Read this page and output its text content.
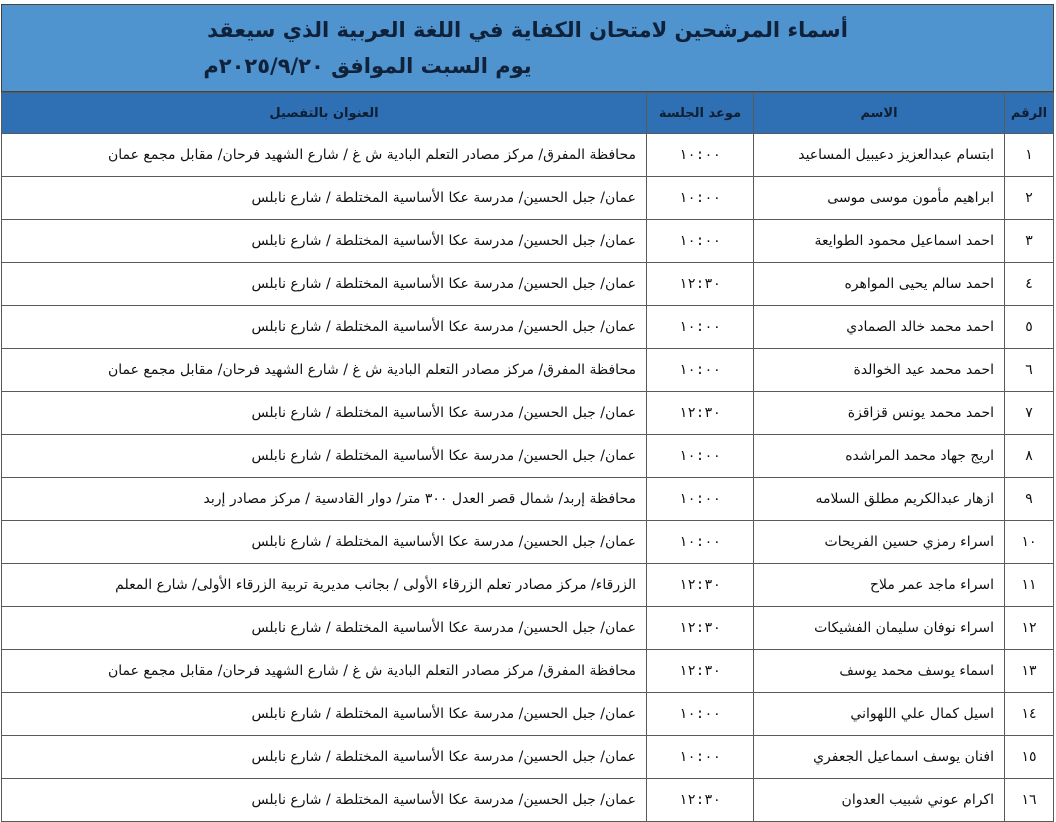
أسماء المرشحين لامتحان الكفاية في اللغة العربية الذي سيعقد
يوم السبت الموافق ٢٠٢٥/٩/٢٠م
الرقم	الاسم	موعد الجلسة	العنوان بالتفصيل
١	ابتسام عبدالعزيز دعيبيل المساعيد	١٠:٠٠	محافظة المفرق/ مركز مصادر التعلم البادية ش غ / شارع الشهيد فرحان/ مقابل مجمع عمان
٢	ابراهيم مأمون موسى موسى	١٠:٠٠	عمان/ جبل الحسين/ مدرسة عكا الأساسية المختلطة / شارع نابلس
٣	احمد اسماعيل محمود الطوايعة	١٠:٠٠	عمان/ جبل الحسين/ مدرسة عكا الأساسية المختلطة / شارع نابلس
٤	احمد سالم يحيى المواهره	١٢:٣٠	عمان/ جبل الحسين/ مدرسة عكا الأساسية المختلطة / شارع نابلس
٥	احمد محمد خالد الصمادي	١٠:٠٠	عمان/ جبل الحسين/ مدرسة عكا الأساسية المختلطة / شارع نابلس
٦	احمد محمد عيد الخوالدة	١٠:٠٠	محافظة المفرق/ مركز مصادر التعلم البادية ش غ / شارع الشهيد فرحان/ مقابل مجمع عمان
٧	احمد محمد يونس قزاقزة	١٢:٣٠	عمان/ جبل الحسين/ مدرسة عكا الأساسية المختلطة / شارع نابلس
٨	اريج جهاد محمد المراشده	١٠:٠٠	عمان/ جبل الحسين/ مدرسة عكا الأساسية المختلطة / شارع نابلس
٩	ازهار عبدالكريم مطلق السلامه	١٠:٠٠	محافظة إربد/ شمال قصر العدل ٣٠٠ متر/ دوار القادسية / مركز مصادر إربد
١٠	اسراء رمزي حسين الفريحات	١٠:٠٠	عمان/ جبل الحسين/ مدرسة عكا الأساسية المختلطة / شارع نابلس
١١	اسراء ماجد عمر ملاح	١٢:٣٠	الزرقاء/ مركز مصادر تعلم الزرقاء الأولى / بجانب مديرية تربية الزرقاء الأولى/ شارع المعلم
١٢	اسراء نوفان سليمان الفشيكات	١٢:٣٠	عمان/ جبل الحسين/ مدرسة عكا الأساسية المختلطة / شارع نابلس
١٣	اسماء يوسف محمد يوسف	١٢:٣٠	محافظة المفرق/ مركز مصادر التعلم البادية ش غ / شارع الشهيد فرحان/ مقابل مجمع عمان
١٤	اسيل كمال علي اللهواني	١٠:٠٠	عمان/ جبل الحسين/ مدرسة عكا الأساسية المختلطة / شارع نابلس
١٥	افنان يوسف اسماعيل الجعفري	١٠:٠٠	عمان/ جبل الحسين/ مدرسة عكا الأساسية المختلطة / شارع نابلس
١٦	اكرام عوني شبيب العدوان	١٢:٣٠	عمان/ جبل الحسين/ مدرسة عكا الأساسية المختلطة / شارع نابلس
